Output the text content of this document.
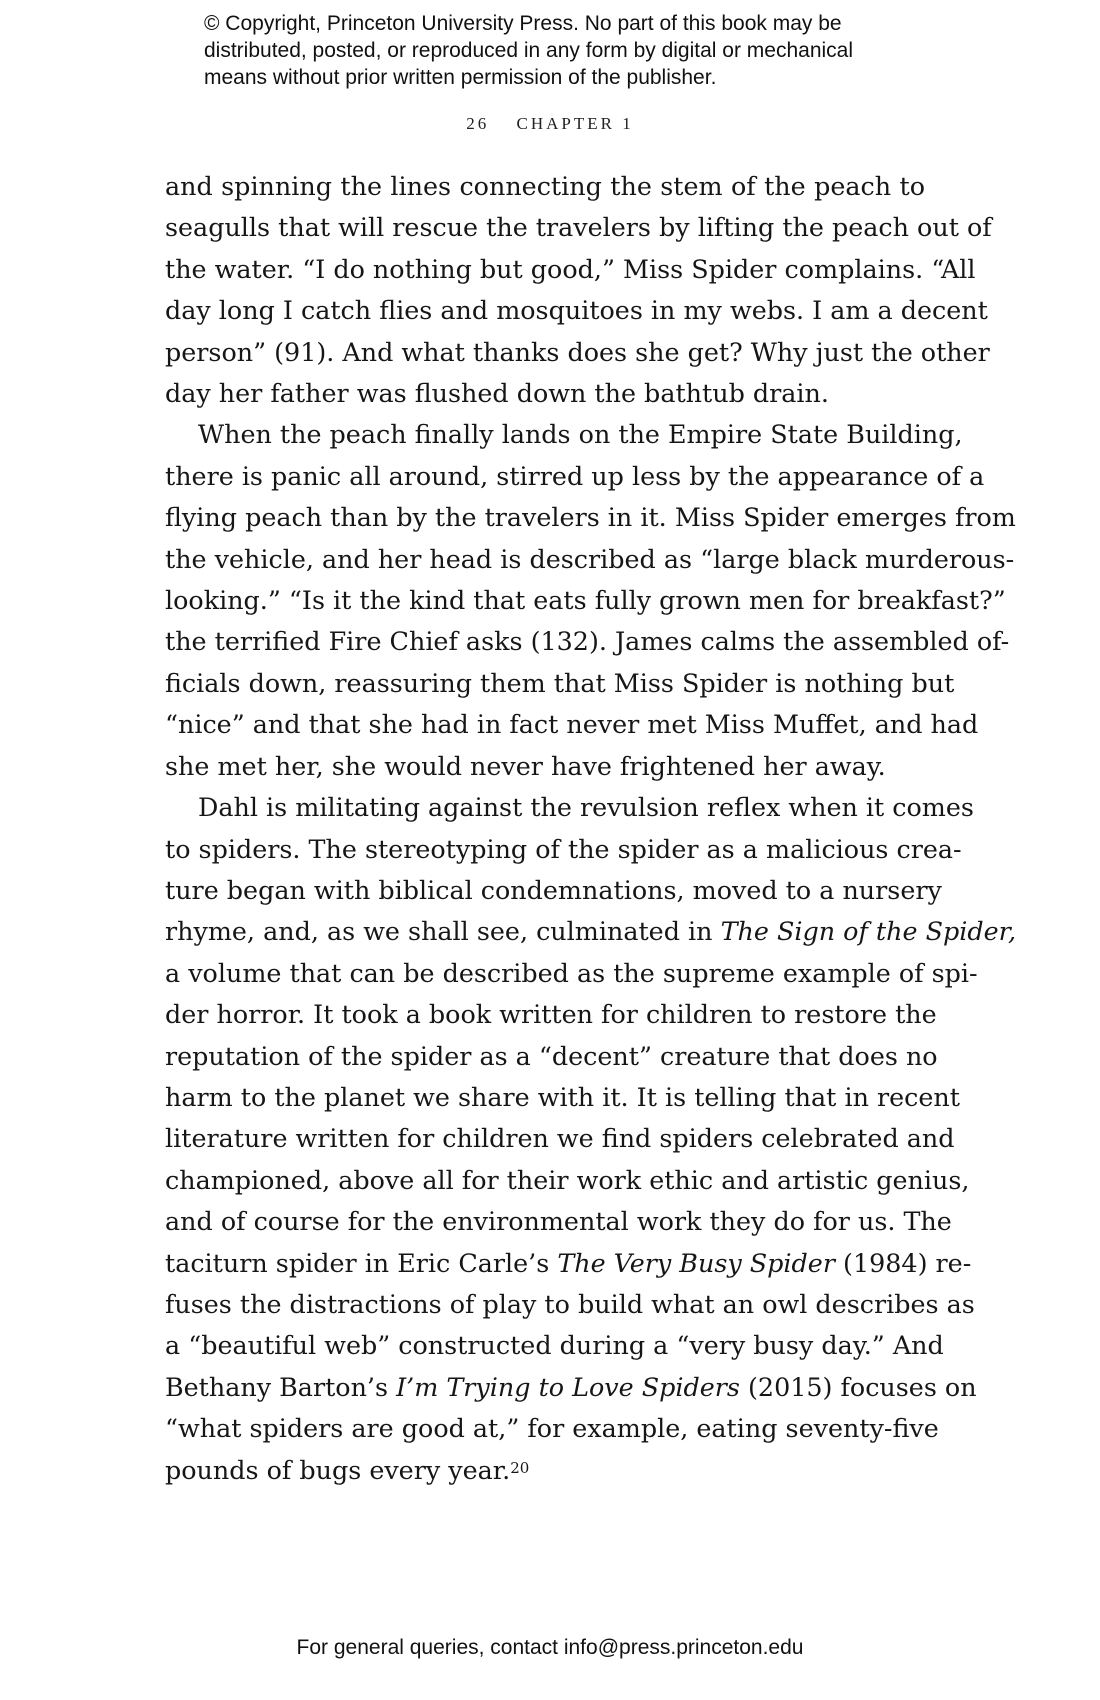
© Copyright, Princeton University Press. No part of this book may be
distributed, posted, or reproduced in any form by digital or mechanical
means without prior written permission of the publisher.
26 CHAPTER 1
and spinning the lines connecting the stem of the peach to
seagulls that will rescue the travelers by lifting the peach out of
the water. “I do nothing but good,” Miss Spider complains. “All
day long I catch flies and mosquitoes in my webs. I am a decent
person” (91). And what thanks does she get? Why just the other
day her father was flushed down the bathtub drain.
When the peach finally lands on the Empire State Building,
there is panic all around, stirred up less by the appearance of a
flying peach than by the travelers in it. Miss Spider emerges from
the vehicle, and her head is described as “large black murderous-
looking.” “Is it the kind that eats fully grown men for breakfast?”
the terrified Fire Chief asks (132). James calms the assembled of-
ficials down, reassuring them that Miss Spider is nothing but
“nice” and that she had in fact never met Miss Muffet, and had
she met her, she would never have frightened her away.
Dahl is militating against the revulsion reflex when it comes
to spiders. The stereotyping of the spider as a malicious crea-
ture began with biblical condemnations, moved to a nursery
rhyme, and, as we shall see, culminated in The Sign of the Spider,
a volume that can be described as the supreme example of spi-
der horror. It took a book written for children to restore the
reputation of the spider as a “decent” creature that does no
harm to the planet we share with it. It is telling that in recent
literature written for children we find spiders celebrated and
championed, above all for their work ethic and artistic genius,
and of course for the environmental work they do for us. The
taciturn spider in Eric Carle’s The Very Busy Spider (1984) re-
fuses the distractions of play to build what an owl describes as
a “beautiful web” constructed during a “very busy day.” And
Bethany Barton’s I’m Trying to Love Spiders (2015) focuses on
“what spiders are good at,” for example, eating seventy-five
pounds of bugs every year.$^{20}$
For general queries, contact info@press.princeton.edu
